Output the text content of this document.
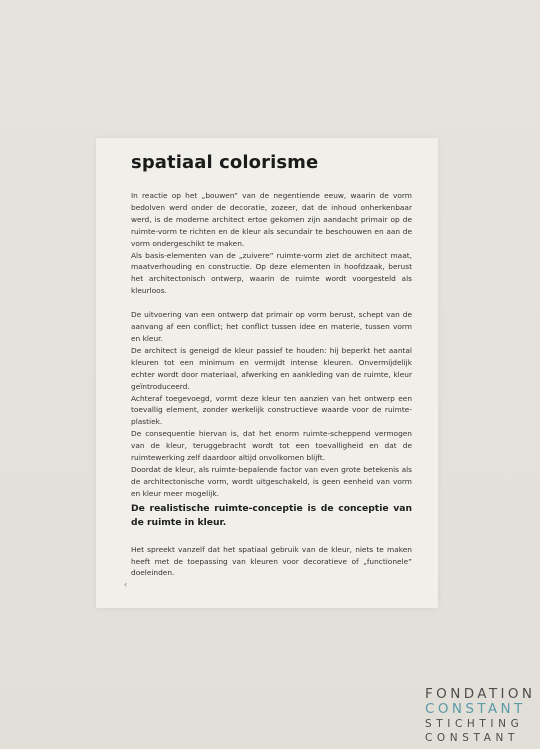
spatiaal colorisme

In reactie op het „bouwen” van de negentiende eeuw, waarin de vorm bedolven werd onder de decoratie, zozeer, dat de inhoud onherkenbaar werd, is de moderne architect ertoe gekomen zijn aandacht primair op de ruimte-vorm te richten en de kleur als secundair te beschouwen en aan de vorm ondergeschikt te maken.

Als basis-elementen van de „zuivere” ruimte-vorm ziet de architect maat, maatverhouding en constructie. Op deze elementen in hoofdzaak, berust het architectonisch ontwerp, waarin de ruimte wordt voorgesteld als kleurloos.

De uitvoering van een ontwerp dat primair op vorm berust, schept van de aanvang af een conflict; het conflict tussen idee en materie, tussen vorm en kleur.

De architect is geneigd de kleur passief te houden: hij beperkt het aantal kleuren tot een minimum en vermijdt intense kleuren. Onvermijdelijk echter wordt door materiaal, afwerking en aankleding van de ruimte, kleur geïntroduceerd.

Achteraf toegevoegd, vormt deze kleur ten aanzien van het ontwerp een toevallig element, zonder werkelijk constructieve waarde voor de ruimte-plastiek.

De consequentie hiervan is, dat het enorm ruimte-scheppend vermogen van de kleur, teruggebracht wordt tot een toevalligheid en dat de ruimtewerking zelf daardoor altijd onvolkomen blijft.

Doordat de kleur, als ruimte-bepalende factor van even grote betekenis als de architectonische vorm, wordt uitgeschakeld, is geen eenheid van vorm en kleur meer mogelijk.

De realistische ruimte-conceptie is de conceptie van de ruimte in kleur.

Het spreekt vanzelf dat het spatiaal gebruik van de kleur, niets te maken heeft met de toepassing van kleuren voor decoratieve of „functionele” doeleinden.

‹
FONDATION
CONSTANT
STICHTING
CONSTANT
